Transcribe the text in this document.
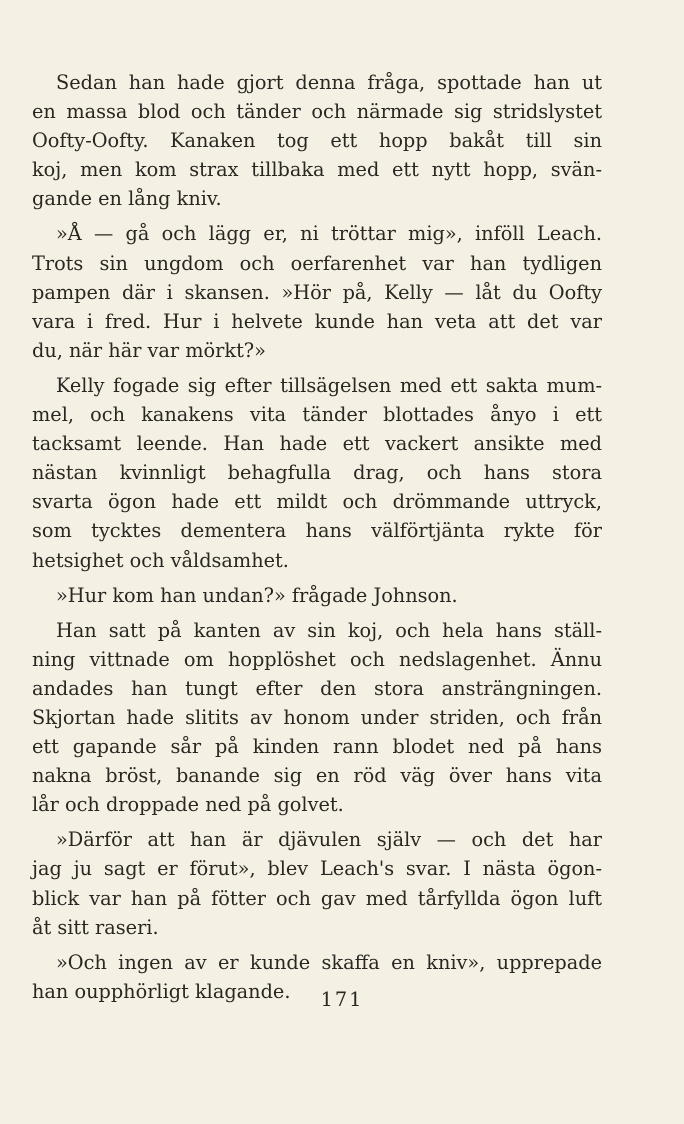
Sedan han hade gjort denna fråga, spottade han ut
en massa blod och tänder och närmade sig stridslystet
Oofty-Oofty. Kanaken tog ett hopp bakåt till sin
koj, men kom strax tillbaka med ett nytt hopp, svän-
gande en lång kniv.
»Å — gå och lägg er, ni tröttar mig», inföll Leach.
Trots sin ungdom och oerfarenhet var han tydligen
pampen där i skansen. »Hör på, Kelly — låt du Oofty
vara i fred. Hur i helvete kunde han veta att det var
du, när här var mörkt?»
Kelly fogade sig efter tillsägelsen med ett sakta mum-
mel, och kanakens vita tänder blottades ånyo i ett
tacksamt leende. Han hade ett vackert ansikte med
nästan kvinnligt behagfulla drag, och hans stora
svarta ögon hade ett mildt och drömmande uttryck,
som tycktes dementera hans välförtjänta rykte för
hetsighet och våldsamhet.
»Hur kom han undan?» frågade Johnson.
Han satt på kanten av sin koj, och hela hans ställ-
ning vittnade om hopplöshet och nedslagenhet. Ännu
andades han tungt efter den stora ansträngningen.
Skjortan hade slitits av honom under striden, och från
ett gapande sår på kinden rann blodet ned på hans
nakna bröst, banande sig en röd väg över hans vita
lår och droppade ned på golvet.
»Därför att han är djävulen själv — och det har
jag ju sagt er förut», blev Leach's svar. I nästa ögon-
blick var han på fötter och gav med tårfyllda ögon luft
åt sitt raseri.
»Och ingen av er kunde skaffa en kniv», upprepade
han oupphörligt klagande.	171
